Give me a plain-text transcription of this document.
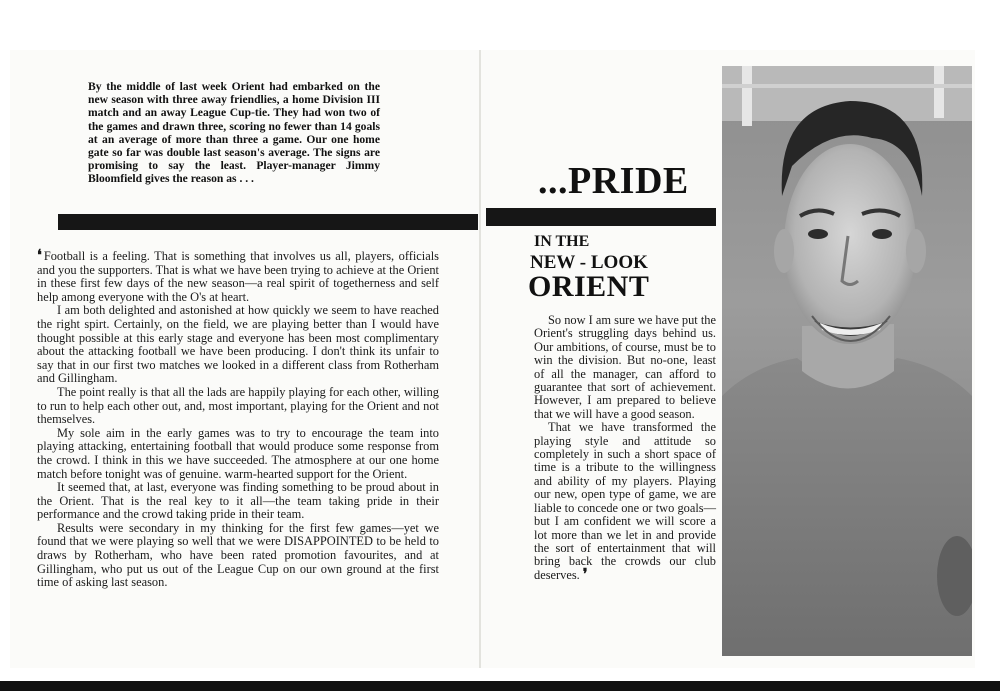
By the middle of last week Orient had embarked on the new season with three away friendlies, a home Division III match and an away League Cup-tie. They had won two of the games and drawn three, scoring no fewer than 14 goals at an average of more than three a game. Our one home gate so far was double last season's average. The signs are promising to say the least. Player-manager Jimmy Bloomfield gives the reason as . . .

❛ Football is a feeling. That is something that involves us all, players, officials and you the supporters. That is what we have been trying to achieve at the Orient in these first few days of the new season—a real spirit of togetherness and self help among everyone with the O's at heart.

I am both delighted and astonished at how quickly we seem to have reached the right spirt. Certainly, on the field, we are playing better than I would have thought possible at this early stage and everyone has been most complimentary about the attacking football we have been producing. I don't think its unfair to say that in our first two matches we looked in a different class from Rotherham and Gillingham.

The point really is that all the lads are happily playing for each other, willing to run to help each other out, and, most important, playing for the Orient and not themselves.

My sole aim in the early games was to try to encourage the team into playing attacking, entertaining football that would produce some response from the crowd. I think in this we have succeeded. The atmosphere at our one home match before tonight was of genuine. warm-hearted support for the Orient.

It seemed that, at last, everyone was finding something to be proud about in the Orient. That is the real key to it all—the team taking pride in their performance and the crowd taking pride in their team.

Results were secondary in my thinking for the first few games—yet we found that we were playing so well that we were DISAPPOINTED to be held to draws by Rotherham, who have been rated promotion favourites, and at Gillingham, who put us out of the League Cup on our own ground at the first time of asking last season.

...PRIDE
IN THE
NEW - LOOK
ORIENT

So now I am sure we have put the Orient's struggling days behind us. Our ambitions, of course, must be to win the division. But no-one, least of all the manager, can afford to guarantee that sort of achievement. However, I am prepared to believe that we will have a good season.

That we have transformed the playing style and attitude so completely in such a short space of time is a tribute to the willingness and ability of my players. Playing our new, open type of game, we are liable to concede one or two goals—but I am confident we will score a lot more than we let in and provide the sort of entertainment that will bring back the crowds our club deserves. ❜
